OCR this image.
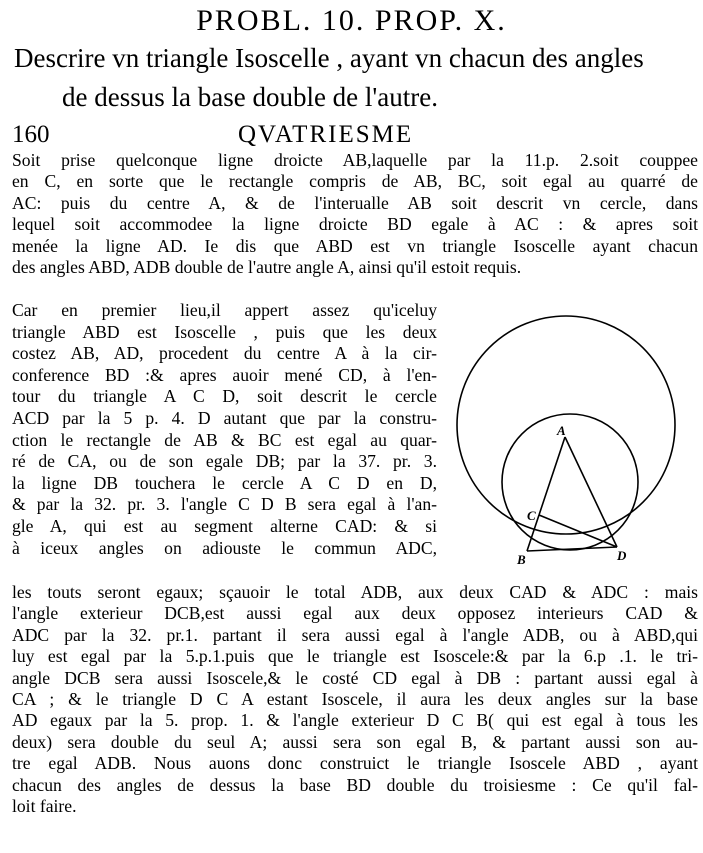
PROBL. 10. PROP. X.
Descrire vn triangle Isoscelle , ayant vn chacun des angles
de dessus la base double de l'autre.
160	QVATRIESME
Soit prise quelconque ligne droicte AB,laquelle par la 11.p. 2.soit couppee
en C, en sorte que le rectangle compris de AB, BC, soit egal au quarré de
AC: puis du centre A, & de l'interualle AB soit descrit vn cercle, dans
lequel soit accommodee la ligne droicte BD egale à AC : & apres soit
menée la ligne AD. Ie dis que ABD est vn triangle Isoscelle ayant chacun
des angles ABD, ADB double de l'autre angle A, ainsi qu'il estoit requis.
Car en premier lieu,il appert assez qu'iceluy
triangle ABD est Isoscelle , puis que les deux
costez AB, AD, procedent du centre A à la cir-
conference BD :& apres auoir mené CD, à l'en-
tour du triangle A C D, soit descrit le cercle
ACD par la 5 p. 4. D autant que par la constru-
ction le rectangle de AB & BC est egal au quar-
ré de CA, ou de son egale DB; par la 37. pr. 3.
la ligne DB touchera le cercle A C D en D,
& par la 32. pr. 3. l'angle C D B sera egal à l'an-
gle A, qui est au segment alterne CAD: & si
à iceux angles on adiouste le commun ADC,
A
C
B	D
les touts seront egaux; sçauoir le total ADB, aux deux CAD & ADC : mais
l'angle exterieur DCB,est aussi egal aux deux opposez interieurs CAD &
ADC par la 32. pr.1. partant il sera aussi egal à l'angle ADB, ou à ABD,qui
luy est egal par la 5.p.1.puis que le triangle est Isoscele:& par la 6.p .1. le tri-
angle DCB sera aussi Isoscele,& le costé CD egal à DB : partant aussi egal à
CA ; & le triangle D C A estant Isoscele, il aura les deux angles sur la base
AD egaux par la 5. prop. 1. & l'angle exterieur D C B( qui est egal à tous les
deux) sera double du seul A; aussi sera son egal B, & partant aussi son au-
tre egal ADB. Nous auons donc construict le triangle Isoscele ABD , ayant
chacun des angles de dessus la base BD double du troisiesme : Ce qu'il fal-
loit faire.
